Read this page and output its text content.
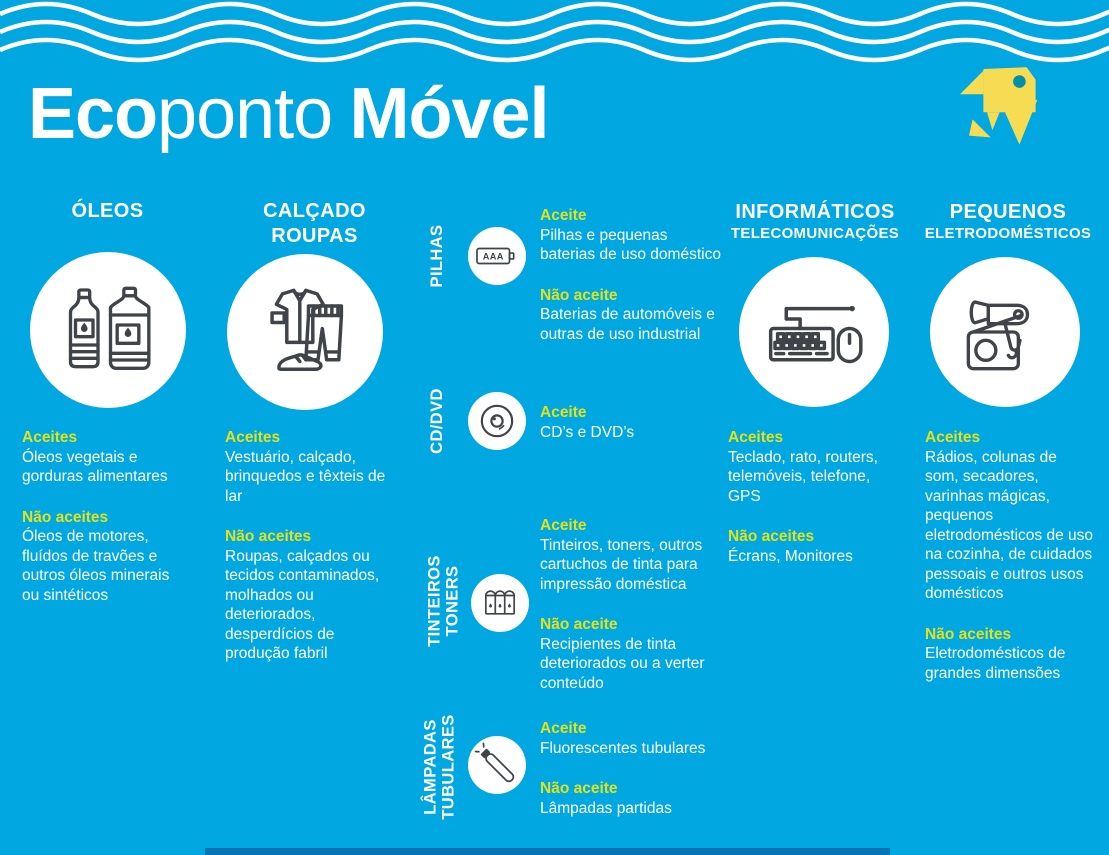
Ecoponto Móvel
ÓLEOS

Aceites

Óleos vegetais e gorduras alimentares

Não aceites

Óleos de motores, fluídos de travões e outros óleos minerais ou sintéticos

CALÇADO
ROUPAS

Aceites

Vestuário, calçado, brinquedos e têxteis de lar

Não aceites

Roupas, calçados ou tecidos contaminados, molhados ou deteriorados, desperdícios de produção fabril

PILHAS AAA

Aceite

Pilhas e pequenas baterias de uso doméstico

Não aceite

Baterias de automóveis e outras de uso industrial

CD/DVD	Aceite

CD’s e DVD’s

TINTEIROS TONERS

Aceite

Tinteiros, toners, outros cartuchos de tinta para impressão doméstica

Não aceite

Recipientes de tinta deteriorados ou a verter conteúdo

LÂMPADAS TUBULARES	Aceite

Fluorescentes tubulares

Não aceite

Lâmpadas partidas

INFORMÁTICOS
TELECOMUNICAÇÕES

Aceites

Teclado, rato, routers, telemóveis, telefone, GPS

Não aceites

Écrans, Monitores

PEQUENOS
ELETRODOMÉSTICOS

Aceites

Rádios, colunas de som, secadores, varinhas mágicas, pequenos eletrodomésticos de uso na cozinha, de cuidados pessoais e outros usos domésticos

Não aceites

Eletrodomésticos de grandes dimensões
